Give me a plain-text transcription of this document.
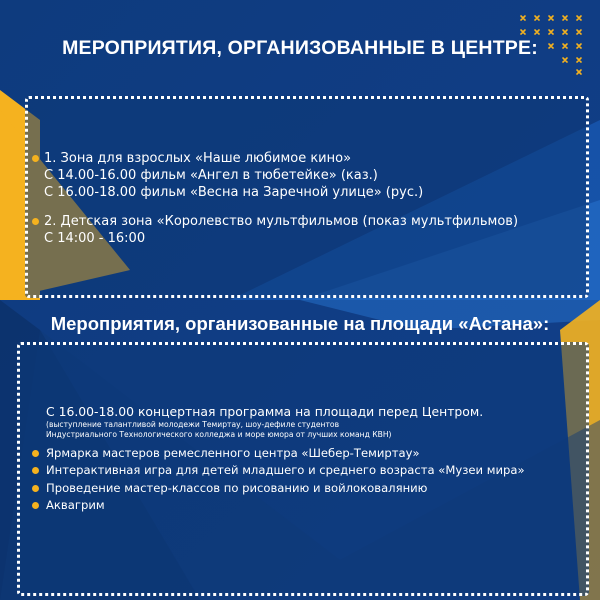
МЕРОПРИЯТИЯ, ОРГАНИЗОВАННЫЕ В ЦЕНТРЕ:
1. Зона для взрослых «Наше любимое кино»
С 14.00-16.00 фильм «Ангел в тюбетейке» (каз.)
С 16.00-18.00 фильм «Весна на Заречной улице» (рус.)
2. Детская зона «Королевство мультфильмов (показ мультфильмов)
С 14:00 - 16:00
Мероприятия, организованные на площади «Астана»:
С 16.00-18.00 концертная программа на площади перед Центром.
(выступление талантливой молодежи Темиртау, шоу-дефиле студентов
Индустриального Технологического колледжа и море юмора от лучших команд КВН)
Ярмарка мастеров ремесленного центра «Шебер-Темиртау»
Интерактивная игра для детей младшего и среднего возраста «Музеи мира»
Проведение мастер-классов по рисованию и войлоковалянию
Аквагрим
